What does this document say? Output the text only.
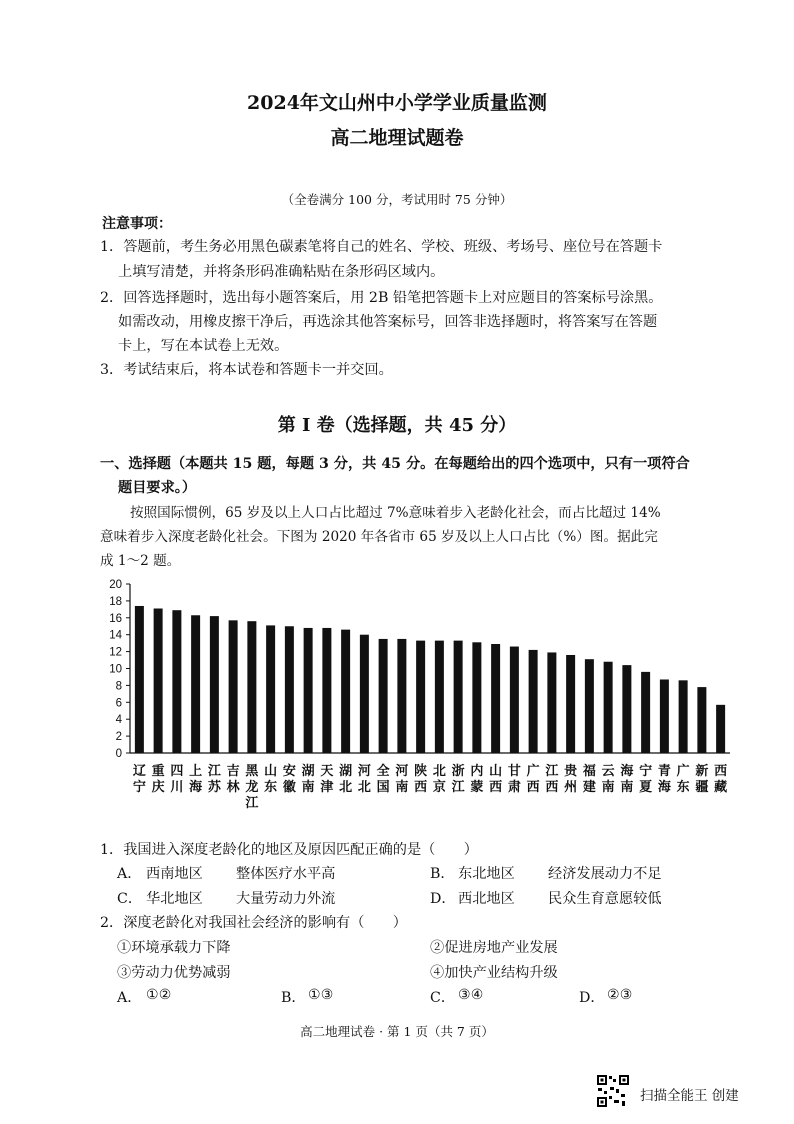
2024年文山州中小学学业质量监测
高二地理试题卷
（全卷满分 100 分，考试用时 75 分钟）
注意事项：
1．答题前，考生务必用黑色碳素笔将自己的姓名、学校、班级、考场号、座位号在答题卡
上填写清楚，并将条形码准确粘贴在条形码区域内。
2．回答选择题时，选出每小题答案后，用 2B 铅笔把答题卡上对应题目的答案标号涂黑。
如需改动，用橡皮擦干净后，再选涂其他答案标号，回答非选择题时，将答案写在答题
卡上，写在本试卷上无效。
3．考试结束后，将本试卷和答题卡一并交回。
第 I 卷（选择题，共 45 分）
一、选择题（本题共 15 题，每题 3 分，共 45 分。在每题给出的四个选项中，只有一项符合
题目要求。）
按照国际惯例，65 岁及以上人口占比超过 7%意味着步入老龄化社会，而占比超过 14%
意味着步入深度老龄化社会。下图为 2020 年各省市 65 岁及以上人口占比（%）图。据此完
成 1～2 题。
0
2
4
6
8
10
12
14
16
18
20
辽
宁
重
庆
四
川
上
海
江
苏
吉
林
黑
龙
江
山
东
安
徽
湖
南
天
津
湖
北
河
北
全
国
河
南
陕
西
北
京
浙
江
内
蒙
山
西
甘
肃
广
西
江
西
贵
州
福
建
云
南
海
南
宁
夏
青
海
广
东
新
疆
西
藏
1．我国进入深度老龄化的地区及原因匹配正确的是（　　）
A． 西南地区 整体医疗水平高	B． 东北地区 经济发展动力不足
C． 华北地区 大量劳动力外流	D． 西北地区 民众生育意愿较低
2．深度老龄化对我国社会经济的影响有（　　）
①环境承载力下降	②促进房地产业发展
③劳动力优势减弱	④加快产业结构升级
A． ①②	B． ①③	C． ③④	D． ②③
高二地理试卷 · 第 1 页（共 7 页）
扫描全能王 创建
